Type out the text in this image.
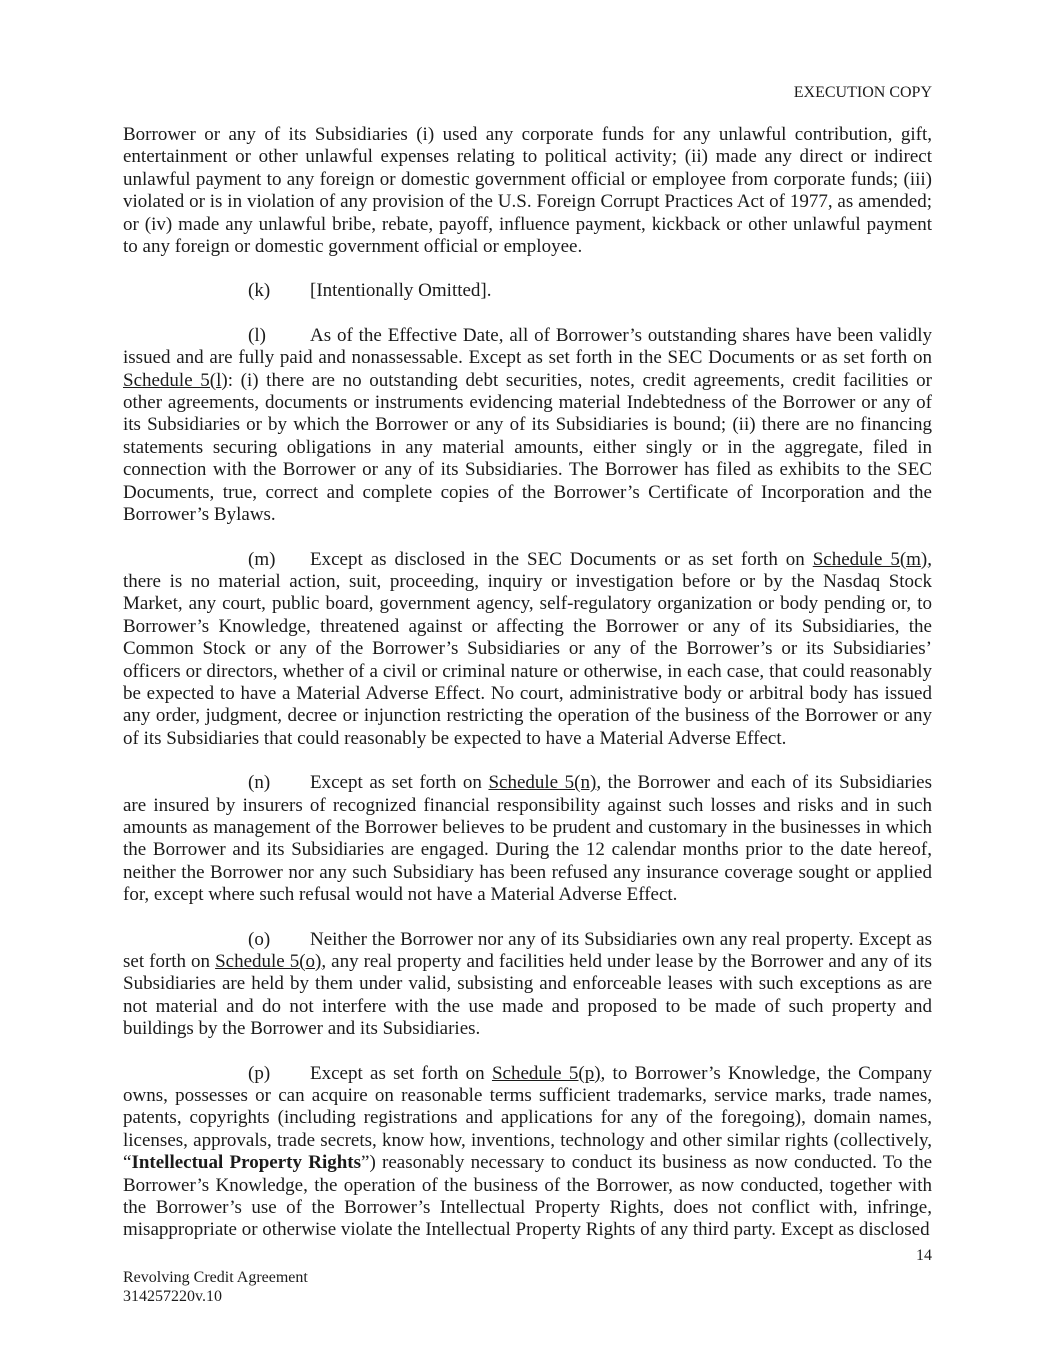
EXECUTION COPY

Borrower or any of its Subsidiaries (i) used any corporate funds for any unlawful contribution, gift, entertainment or other unlawful expenses relating to political activity; (ii) made any direct or indirect unlawful payment to any foreign or domestic government official or employee from corporate funds; (iii) violated or is in violation of any provision of the U.S. Foreign Corrupt Practices Act of 1977, as amended; or (iv) made any unlawful bribe, rebate, payoff, influence payment, kickback or other unlawful payment to any foreign or domestic government official or employee.

(k) [Intentionally Omitted].

(l) As of the Effective Date, all of Borrower’s outstanding shares have been validly issued and are fully paid and nonassessable. Except as set forth in the SEC Documents or as set forth on Schedule 5(l): (i) there are no outstanding debt securities, notes, credit agreements, credit facilities or other agreements, documents or instruments evidencing material Indebtedness of the Borrower or any of its Subsidiaries or by which the Borrower or any of its Subsidiaries is bound; (ii) there are no financing statements securing obligations in any material amounts, either singly or in the aggregate, filed in connection with the Borrower or any of its Subsidiaries. The Borrower has filed as exhibits to the SEC Documents, true, correct and complete copies of the Borrower’s Certificate of Incorporation and the Borrower’s Bylaws.

(m) Except as disclosed in the SEC Documents or as set forth on Schedule 5(m), there is no material action, suit, proceeding, inquiry or investigation before or by the Nasdaq Stock Market, any court, public board, government agency, self-regulatory organization or body pending or, to Borrower’s Knowledge, threatened against or affecting the Borrower or any of its Subsidiaries, the Common Stock or any of the Borrower’s Subsidiaries or any of the Borrower’s or its Subsidiaries’ officers or directors, whether of a civil or criminal nature or otherwise, in each case, that could reasonably be expected to have a Material Adverse Effect. No court, administrative body or arbitral body has issued any order, judgment, decree or injunction restricting the operation of the business of the Borrower or any of its Subsidiaries that could reasonably be expected to have a Material Adverse Effect.

(n) Except as set forth on Schedule 5(n), the Borrower and each of its Subsidiaries are insured by insurers of recognized financial responsibility against such losses and risks and in such amounts as management of the Borrower believes to be prudent and customary in the businesses in which the Borrower and its Subsidiaries are engaged. During the 12 calendar months prior to the date hereof, neither the Borrower nor any such Subsidiary has been refused any insurance coverage sought or applied for, except where such refusal would not have a Material Adverse Effect.

(o) Neither the Borrower nor any of its Subsidiaries own any real property. Except as set forth on Schedule 5(o), any real property and facilities held under lease by the Borrower and any of its Subsidiaries are held by them under valid, subsisting and enforceable leases with such exceptions as are not material and do not interfere with the use made and proposed to be made of such property and buildings by the Borrower and its Subsidiaries.

(p) Except as set forth on Schedule 5(p), to Borrower’s Knowledge, the Company owns, possesses or can acquire on reasonable terms sufficient trademarks, service marks, trade names, patents, copyrights (including registrations and applications for any of the foregoing), domain names, licenses, approvals, trade secrets, know how, inventions, technology and other similar rights (collectively, “Intellectual Property Rights”) reasonably necessary to conduct its business as now conducted. To the Borrower’s Knowledge, the operation of the business of the Borrower, as now conducted, together with the Borrower’s use of the Borrower’s Intellectual Property Rights, does not conflict with, infringe, misappropriate or otherwise violate the Intellectual Property Rights of any third party. Except as disclosed

14
Revolving Credit Agreement
314257220v.10
